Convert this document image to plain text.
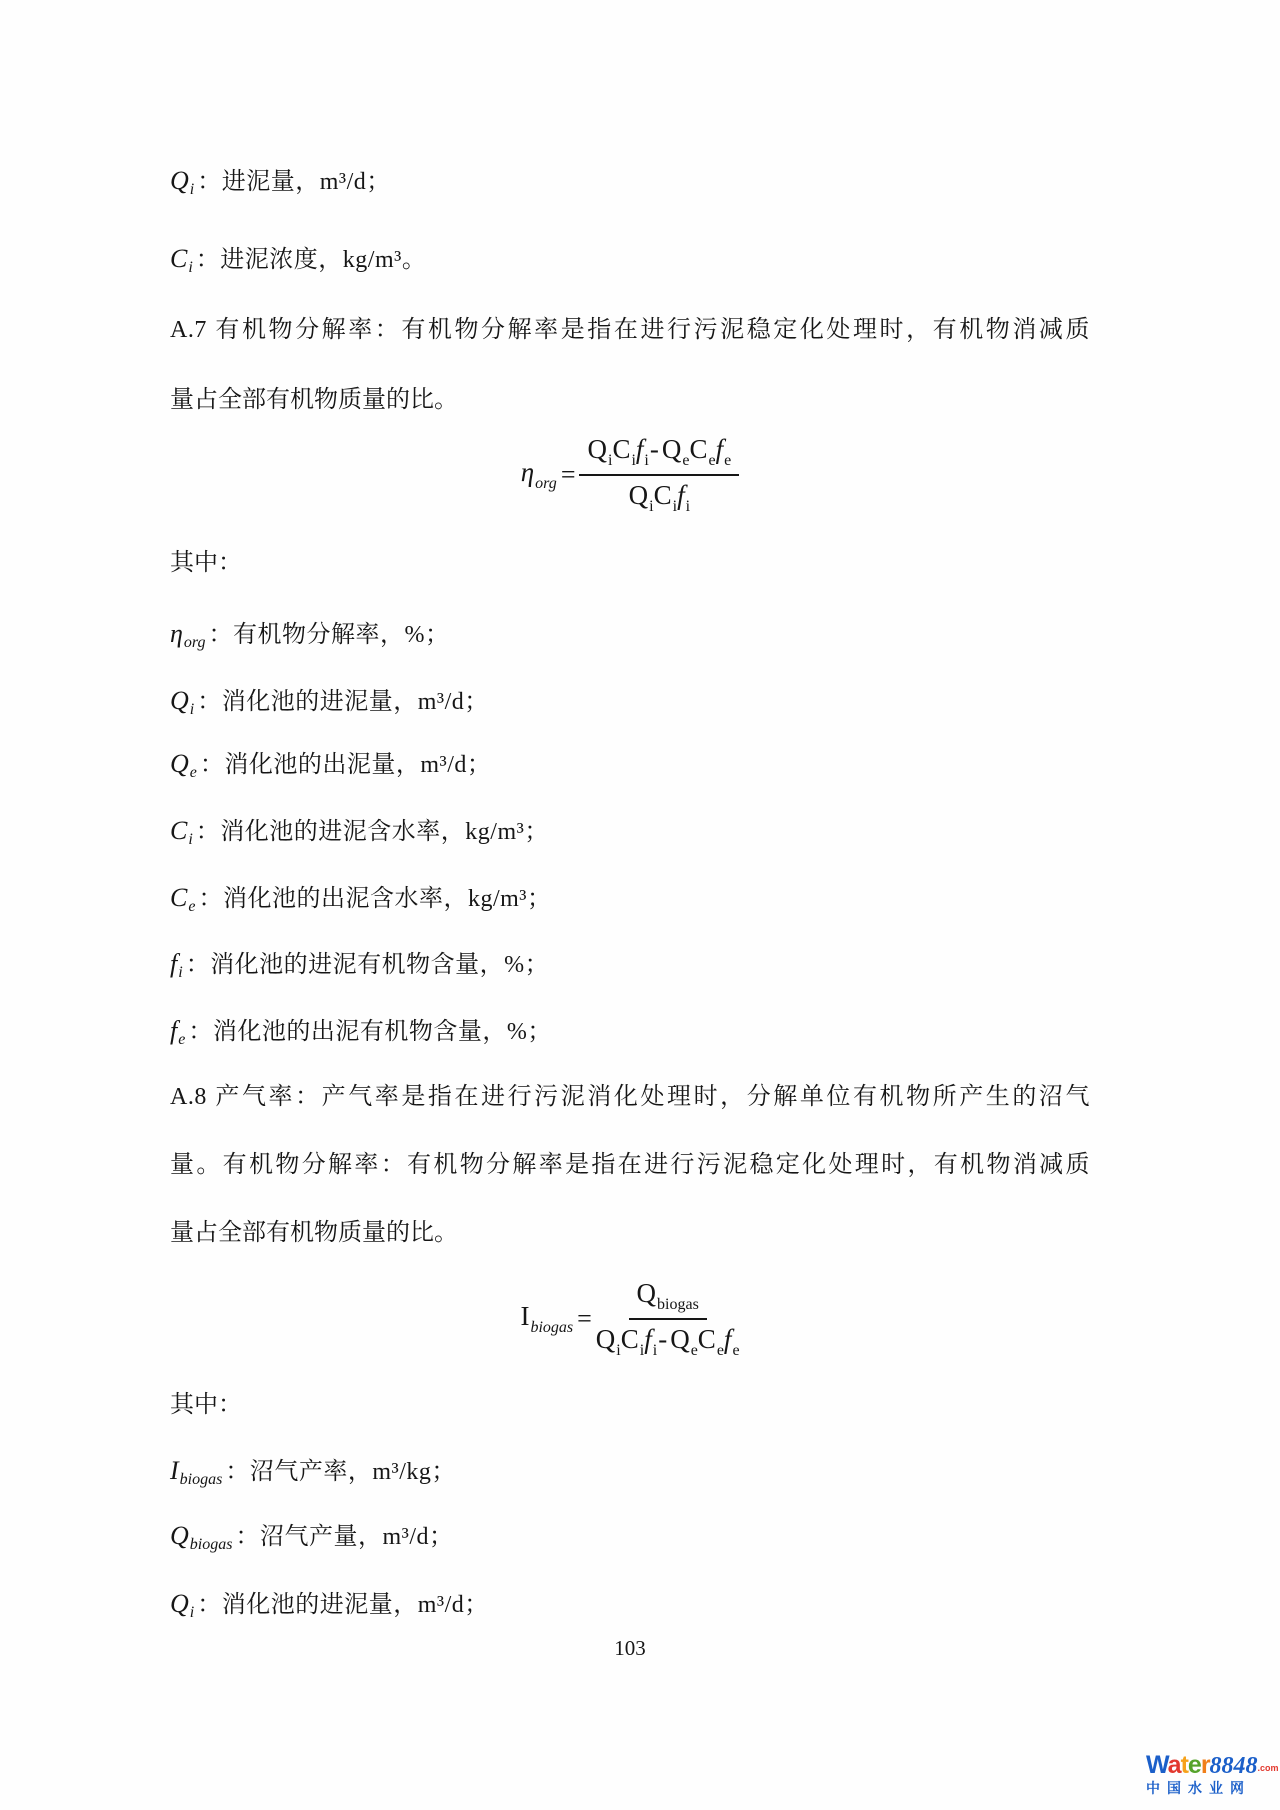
$Q_i$ ：进泥量，m³/d；
$C_i$ ：进泥浓度，kg/m³。
A.7 有机物分解率：有机物分解率是指在进行污泥稳定化处理时，有机物消减质
量占全部有机物质量的比。
$\eta_{org} = \frac{Q_iC_if_i- Q_eC_ef_e}{Q_iC_if_i}$
其中：
$\eta_{org}$ ：有机物分解率，%；
$Q_i$ ：消化池的进泥量，m³/d；
$Q_e$ ：消化池的出泥量，m³/d；
$C_i$ ：消化池的进泥含水率，kg/m³；
$C_e$ ：消化池的出泥含水率，kg/m³；
$f_i$ ：消化池的进泥有机物含量，%；
$f_e$ ：消化池的出泥有机物含量，%；
A.8 产气率：产气率是指在进行污泥消化处理时，分解单位有机物所产生的沼气
量。有机物分解率：有机物分解率是指在进行污泥稳定化处理时，有机物消减质
量占全部有机物质量的比。
$I_{biogas} = \frac{Q_{biogas}}{Q_iC_if_i- Q_eC_ef_e}$
其中：
$I_{biogas}$ ：沼气产率，m³/kg；
$Q_{biogas}$ ：沼气产量，m³/d；
$Q_i$ ：消化池的进泥量，m³/d；
103
Water8848.com
中国水业网
